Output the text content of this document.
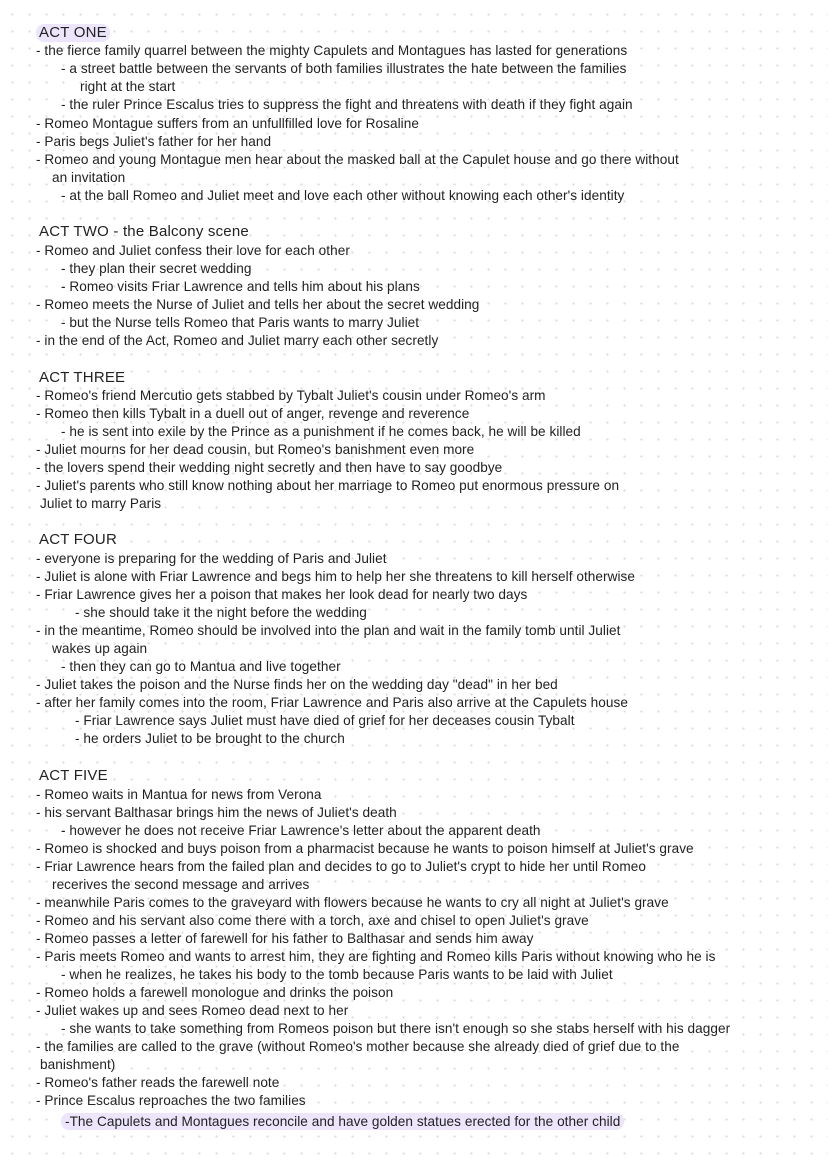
ACT ONE
- the fierce family quarrel between the mighty Capulets and Montagues has lasted for generations
- a street battle between the servants of both families illustrates the hate between the families
right at the start
- the ruler Prince Escalus tries to suppress the fight and threatens with death if they fight again
- Romeo Montague suffers from an unfullfilled love for Rosaline
- Paris begs Juliet's father for her hand
- Romeo and young Montague men hear about the masked ball at the Capulet house and go there without
an invitation
- at the ball Romeo and Juliet meet and love each other without knowing each other's identity
ACT TWO - the Balcony scene
- Romeo and Juliet confess their love for each other
- they plan their secret wedding
- Romeo visits Friar Lawrence and tells him about his plans
- Romeo meets the Nurse of Juliet and tells her about the secret wedding
- but the Nurse tells Romeo that Paris wants to marry Juliet
- in the end of the Act, Romeo and Juliet marry each other secretly
ACT THREE
- Romeo's friend Mercutio gets stabbed by Tybalt Juliet's cousin under Romeo's arm
- Romeo then kills Tybalt in a duell out of anger, revenge and reverence
- he is sent into exile by the Prince as a punishment if he comes back, he will be killed
- Juliet mourns for her dead cousin, but Romeo's banishment even more
- the lovers spend their wedding night secretly and then have to say goodbye
- Juliet's parents who still know nothing about her marriage to Romeo put enormous pressure on
Juliet to marry Paris
ACT FOUR
- everyone is preparing for the wedding of Paris and Juliet
- Juliet is alone with Friar Lawrence and begs him to help her she threatens to kill herself otherwise
- Friar Lawrence gives her a poison that makes her look dead for nearly two days
- she should take it the night before the wedding
- in the meantime, Romeo should be involved into the plan and wait in the family tomb until Juliet
wakes up again
- then they can go to Mantua and live together
- Juliet takes the poison and the Nurse finds her on the wedding day "dead" in her bed
- after her family comes into the room, Friar Lawrence and Paris also arrive at the Capulets house
- Friar Lawrence says Juliet must have died of grief for her deceases cousin Tybalt
- he orders Juliet to be brought to the church
ACT FIVE
- Romeo waits in Mantua for news from Verona
- his servant Balthasar brings him the news of Juliet's death
- however he does not receive Friar Lawrence's letter about the apparent death
- Romeo is shocked and buys poison from a pharmacist because he wants to poison himself at Juliet's grave
- Friar Lawrence hears from the failed plan and decides to go to Juliet's crypt to hide her until Romeo
recerives the second message and arrives
- meanwhile Paris comes to the graveyard with flowers because he wants to cry all night at Juliet's grave
- Romeo and his servant also come there with a torch, axe and chisel to open Juliet's grave
- Romeo passes a letter of farewell for his father to Balthasar and sends him away
- Paris meets Romeo and wants to arrest him, they are fighting and Romeo kills Paris without knowing who he is
- when he realizes, he takes his body to the tomb because Paris wants to be laid with Juliet
- Romeo holds a farewell monologue and drinks the poison
- Juliet wakes up and sees Romeo dead next to her
- she wants to take something from Romeos poison but there isn't enough so she stabs herself with his dagger
- the families are called to the grave (without Romeo's mother because she already died of grief due to the
banishment)
- Romeo's father reads the farewell note
- Prince Escalus reproaches the two families
-The Capulets and Montagues reconcile and have golden statues erected for the other child
